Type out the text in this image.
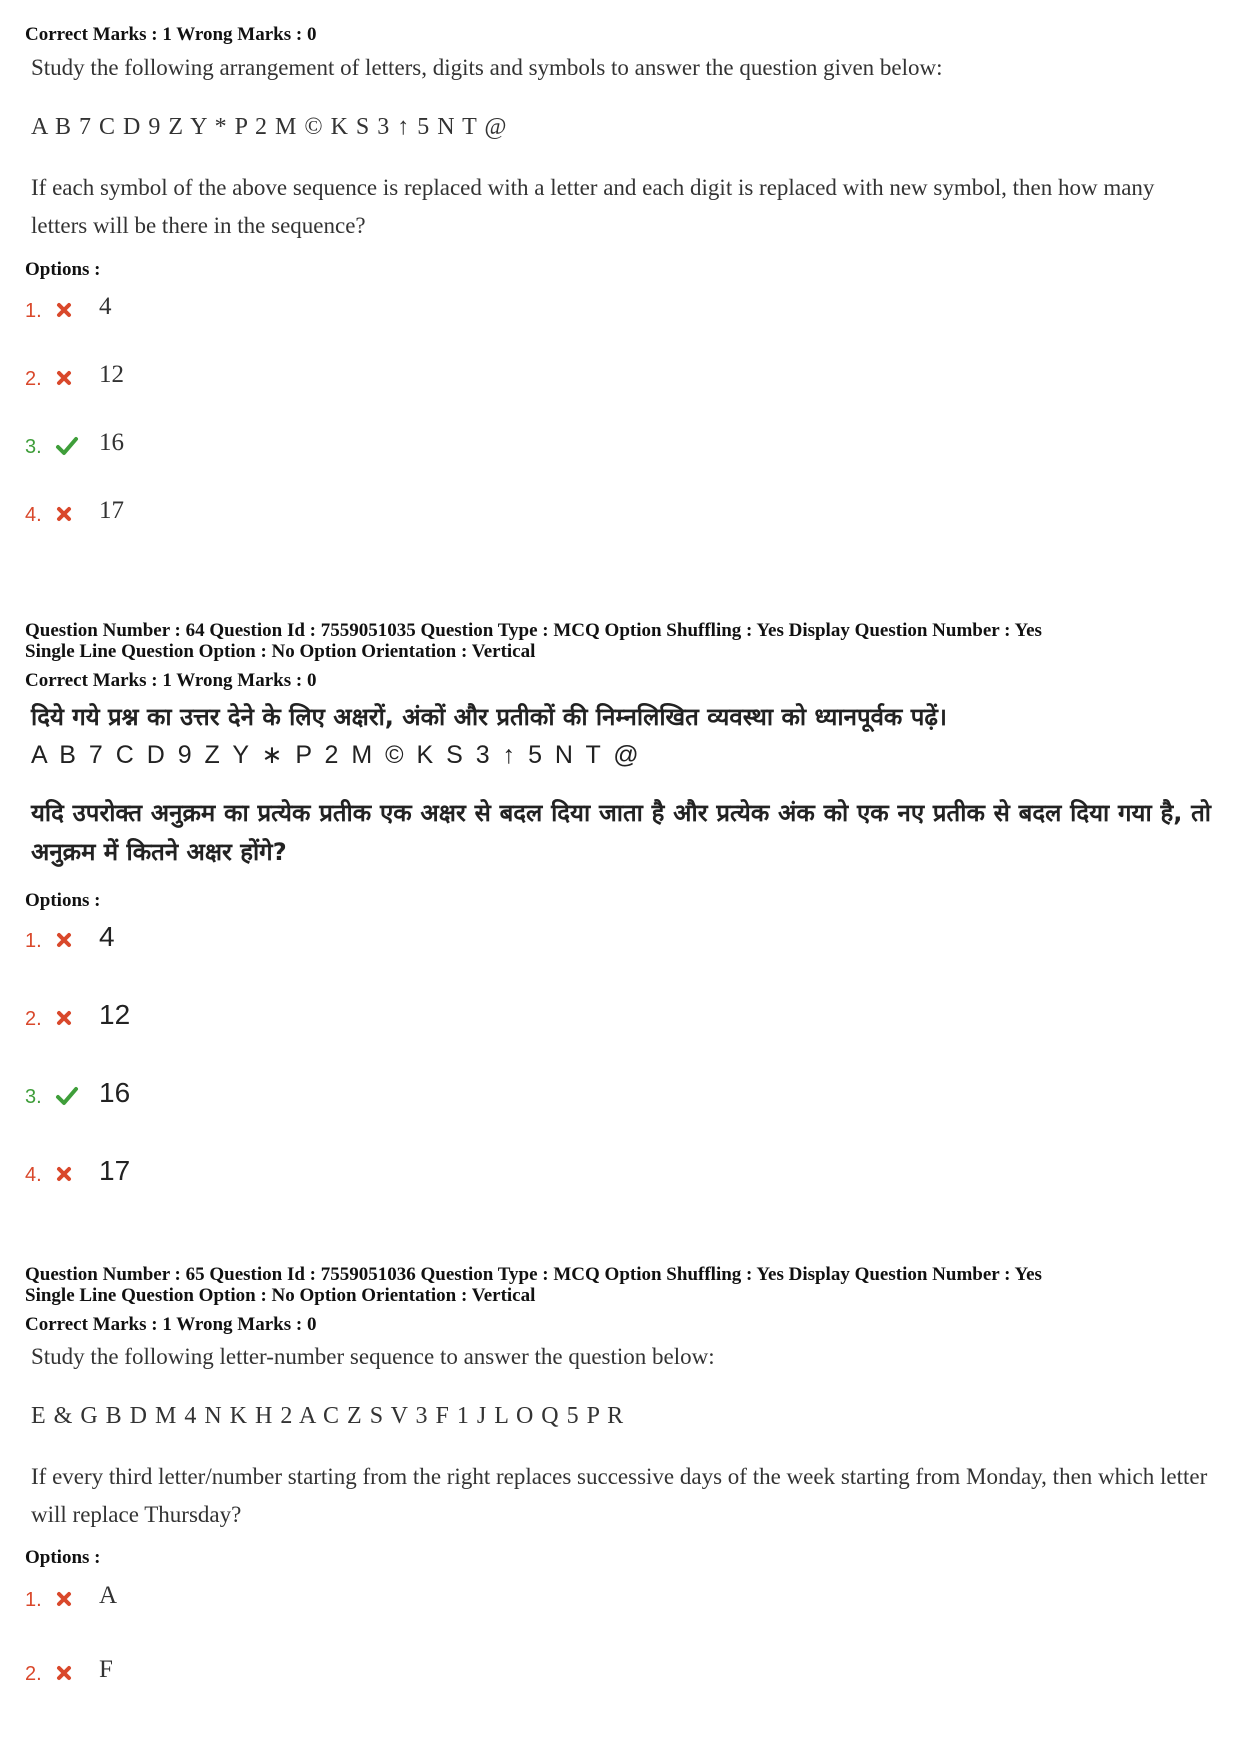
Correct Marks : 1 Wrong Marks : 0
Study the following arrangement of letters, digits and symbols to answer the question given below:
A B 7 C D 9 Z Y * P 2 M © K S 3 ↑ 5 N T @
If each symbol of the above sequence is replaced with a letter and each digit is replaced with new symbol, then how many letters will be there in the sequence?
Options :
1.	4
2.	12
3.	16
4.	17
Question Number : 64 Question Id : 7559051035 Question Type : MCQ Option Shuffling : Yes Display Question Number : Yes
Single Line Question Option : No Option Orientation : Vertical
Correct Marks : 1 Wrong Marks : 0
दिये गये प्रश्न का उत्तर देने के लिए अक्षरों, अंकों और प्रतीकों की निम्नलिखित व्यवस्था को ध्यानपूर्वक पढ़ें।
A B 7 C D 9 Z Y ∗ P 2 M © K S 3 ↑ 5 N T @
यदि उपरोक्त अनुक्रम का प्रत्येक प्रतीक एक अक्षर से बदल दिया जाता है और प्रत्येक अंक को एक नए प्रतीक से बदल दिया गया है, तो अनुक्रम में कितने अक्षर होंगे?
Options :
1.	4
2.	12
3.	16
4.	17
Question Number : 65 Question Id : 7559051036 Question Type : MCQ Option Shuffling : Yes Display Question Number : Yes
Single Line Question Option : No Option Orientation : Vertical
Correct Marks : 1 Wrong Marks : 0
Study the following letter-number sequence to answer the question below:
E & G B D M 4 N K H 2 A C Z S V 3 F 1 J L O Q 5 P R
If every third letter/number starting from the right replaces successive days of the week starting from Monday, then which letter will replace Thursday?
Options :
1.	A
2.	F
